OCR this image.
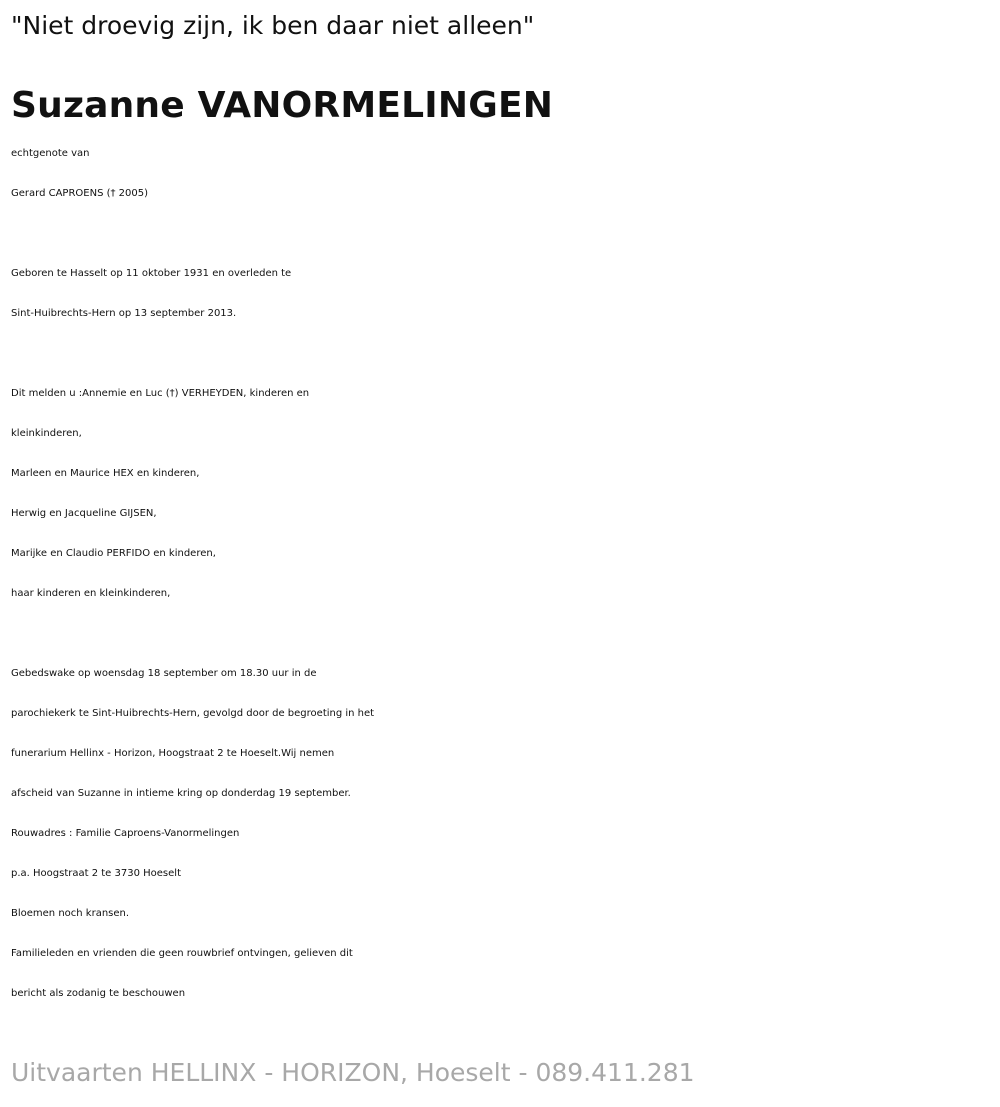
"Niet droevig zijn, ik ben daar niet alleen"
Suzanne VANORMELINGEN
echtgenote van
Gerard CAPROENS († 2005)
Geboren te Hasselt op 11 oktober 1931 en overleden te
Sint-Huibrechts-Hern op 13 september 2013.
Dit melden u :Annemie en Luc (†) VERHEYDEN, kinderen en
kleinkinderen,
Marleen en Maurice HEX en kinderen,
Herwig en Jacqueline GIJSEN,
Marijke en Claudio PERFIDO en kinderen,
haar kinderen en kleinkinderen,
Gebedswake op woensdag 18 september om 18.30 uur in de
parochiekerk te Sint-Huibrechts-Hern, gevolgd door de begroeting in het
funerarium Hellinx - Horizon, Hoogstraat 2 te Hoeselt.Wij nemen
afscheid van Suzanne in intieme kring op donderdag 19 september.
Rouwadres : Familie Caproens-Vanormelingen
p.a. Hoogstraat 2 te 3730 Hoeselt
Bloemen noch kransen.
Familieleden en vrienden die geen rouwbrief ontvingen, gelieven dit
bericht als zodanig te beschouwen
Uitvaarten HELLINX - HORIZON, Hoeselt - 089.411.281
